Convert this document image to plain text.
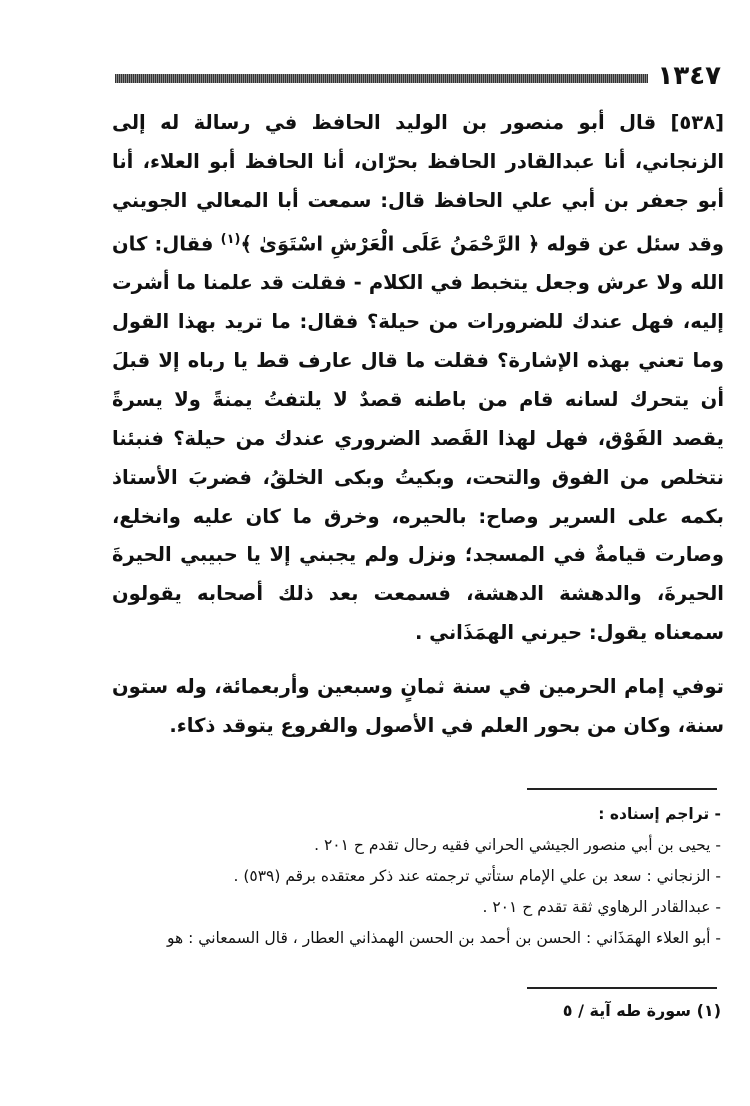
١٣٤٧

[٥٣٨] قال أبو منصور بن الوليد الحافظ في رسالة له إلى الزنجاني، أنا عبدالقادر الحافظ بحرّان، أنا الحافظ أبو العلاء، أنا أبو جعفر بن أبي علي الحافظ قال: سمعت أبا المعالي الجويني وقد سئل عن قوله ﴿ الرَّحْمَنُ عَلَى الْعَرْشِ اسْتَوَىٰ ﴾$^{(١)}$ فقال: كان الله ولا عرش وجعل يتخبط في الكلام - فقلت قد علمنا ما أشرت إليه، فهل عندك للضرورات من حيلة؟ فقال: ما تريد بهذا القول وما تعني بهذه الإشارة؟ فقلت ما قال عارف قط يا رباه إلا قبلَ أن يتحرك لسانه قام من باطنه قصدٌ لا يلتفتُ يمنةً ولا يسرةً يقصد الفَوْق، فهل لهذا القَصد الضروري عندك من حيلة؟ فنبئنا نتخلص من الفوق والتحت، وبكيتُ وبكى الخلقُ، فضربَ الأستاذ بكمه على السرير وصاح: بالحيره، وخرق ما كان عليه وانخلع، وصارت قيامةٌ في المسجد؛ ونزل ولم يجبني إلا يا حبيبي الحيرةَ الحيرةَ، والدهشة الدهشة، فسمعت بعد ذلك أصحابه يقولون سمعناه يقول: حيرني الهمَذَاني .

توفي إمام الحرمين في سنة ثمانٍ وسبعين وأربعمائة، وله ستون سنة، وكان من بحور العلم في الأصول والفروع يتوقد ذكاء.

- تراجم إسناده :
- يحيى بن أبي منصور الجيشي الحراني فقيه رحال تقدم ح ٢٠١ .
- الزنجاني : سعد بن علي الإمام ستأتي ترجمته عند ذكر معتقده برقم (٥٣٩) .
- عبدالقادر الرهاوي ثقة تقدم ح ٢٠١ .
- أبو العلاء الهمَذَاني : الحسن بن أحمد بن الحسن الهمذاني العطار ، قال السمعاني : هو
(١) سورة طه آية / ٥
